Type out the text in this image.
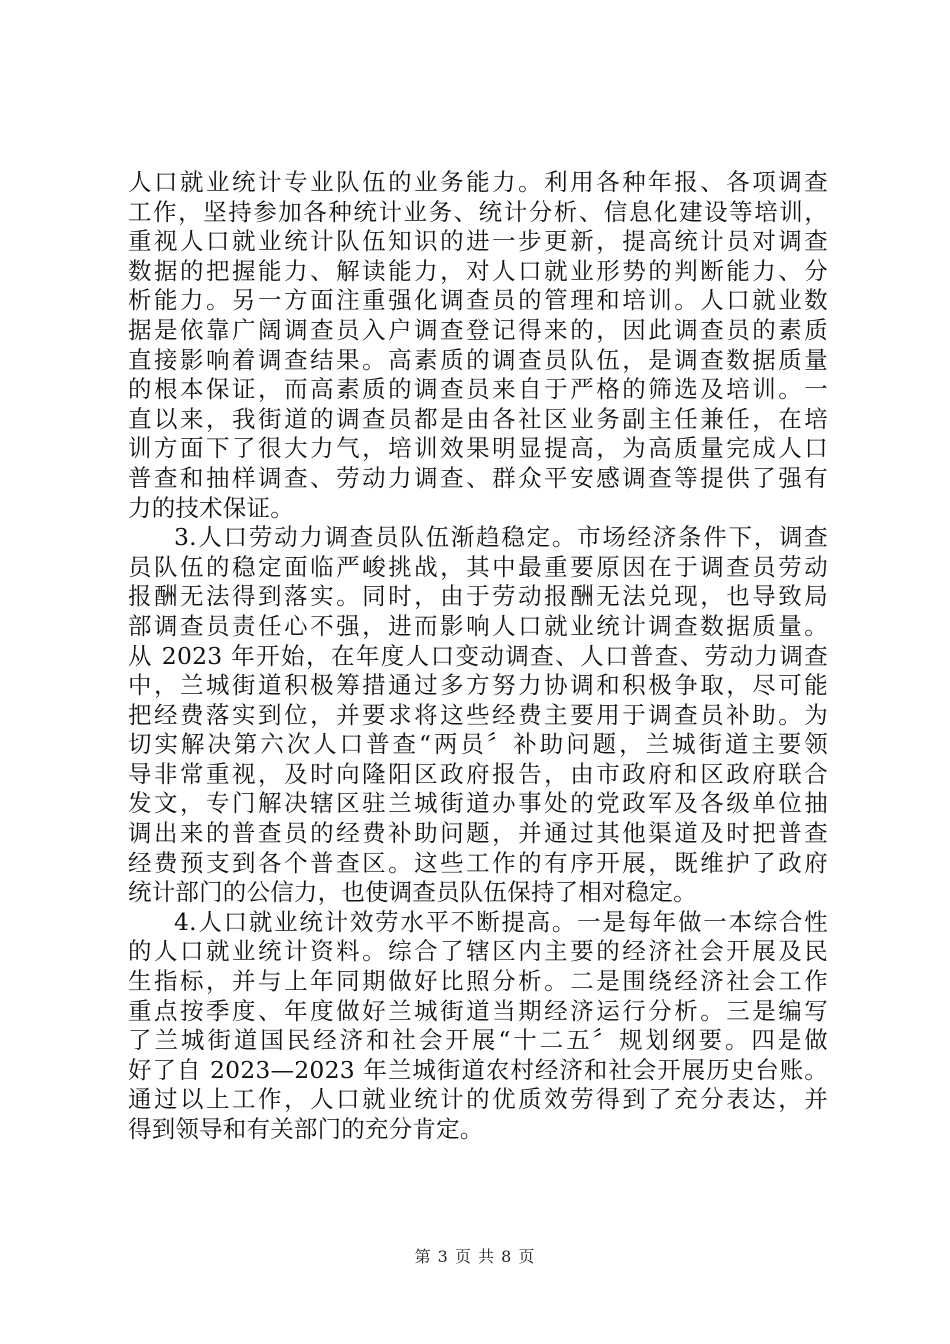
人口就业统计专业队伍的业务能力。利用各种年报、各项调查
工作，坚持参加各种统计业务、统计分析、信息化建设等培训，
重视人口就业统计队伍知识的进一步更新，提高统计员对调查
数据的把握能力、解读能力，对人口就业形势的判断能力、分
析能力。另一方面注重强化调查员的管理和培训。人口就业数
据是依靠广阔调查员入户调查登记得来的，因此调查员的素质
直接影响着调查结果。高素质的调查员队伍，是调查数据质量
的根本保证，而高素质的调查员来自于严格的筛选及培训。一
直以来，我街道的调查员都是由各社区业务副主任兼任，在培
训方面下了很大力气，培训效果明显提高，为高质量完成人口
普查和抽样调查、劳动力调查、群众平安感调查等提供了强有
力的技术保证。
3.人口劳动力调查员队伍渐趋稳定。市场经济条件下，调查
员队伍的稳定面临严峻挑战，其中最重要原因在于调查员劳动
报酬无法得到落实。同时，由于劳动报酬无法兑现，也导致局
部调查员责任心不强，进而影响人口就业统计调查数据质量。
从 2023 年开始，在年度人口变动调查、人口普查、劳动力调查
中，兰城街道积极筹措通过多方努力协调和积极争取，尽可能
把经费落实到位，并要求将这些经费主要用于调查员补助。为
切实解决第六次人口普查“两员〞补助问题，兰城街道主要领
导非常重视，及时向隆阳区政府报告，由市政府和区政府联合
发文，专门解决辖区驻兰城街道办事处的党政军及各级单位抽
调出来的普查员的经费补助问题，并通过其他渠道及时把普查
经费预支到各个普查区。这些工作的有序开展，既维护了政府
统计部门的公信力，也使调查员队伍保持了相对稳定。
4.人口就业统计效劳水平不断提高。一是每年做一本综合性
的人口就业统计资料。综合了辖区内主要的经济社会开展及民
生指标，并与上年同期做好比照分析。二是围绕经济社会工作
重点按季度、年度做好兰城街道当期经济运行分析。三是编写
了兰城街道国民经济和社会开展“十二五〞规划纲要。四是做
好了自 2023—2023 年兰城街道农村经济和社会开展历史台账。
通过以上工作，人口就业统计的优质效劳得到了充分表达，并
得到领导和有关部门的充分肯定。
第 3 页 共 8 页
